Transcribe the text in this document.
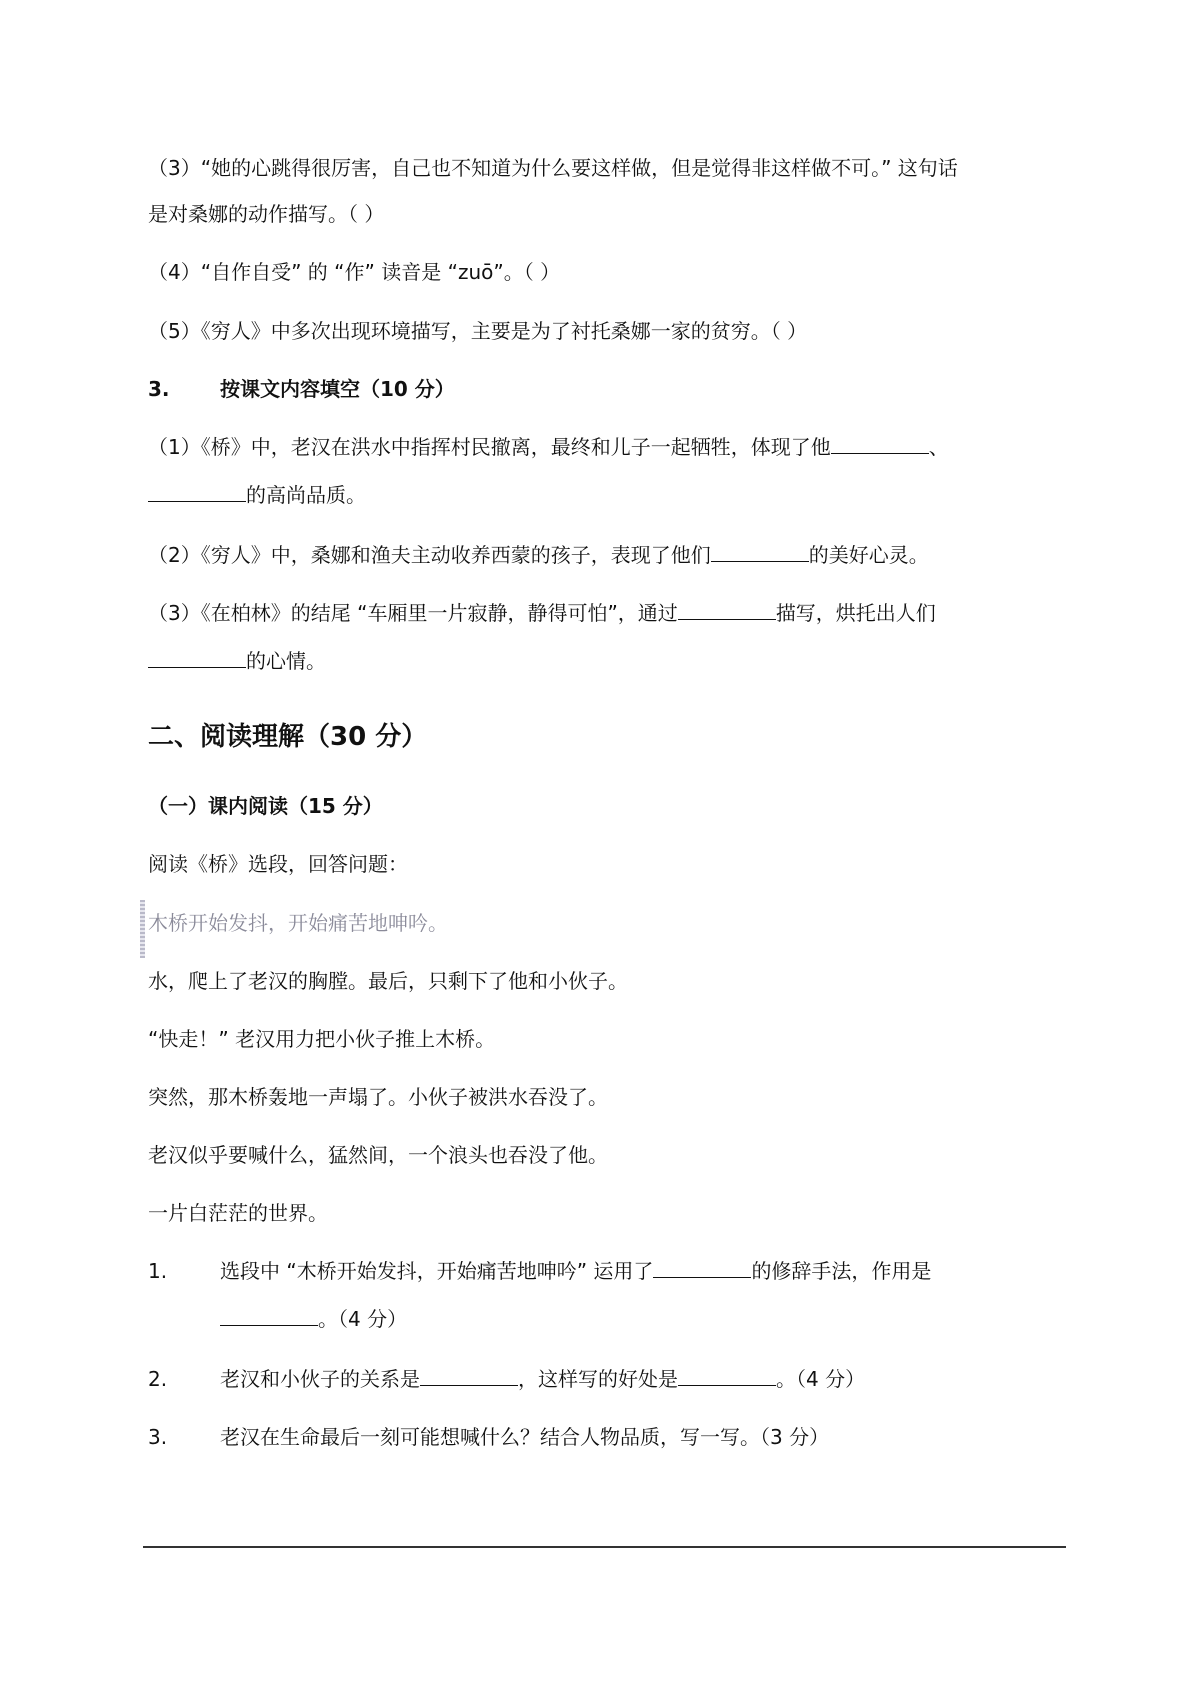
（3）“她的心跳得很厉害，自己也不知道为什么要这样做，但是觉得非这样做不可。” 这句话
是对桑娜的动作描写。（ ）
（4）“自作自受” 的 “作” 读音是 “zuō”。（ ）
（5）《穷人》中多次出现环境描写，主要是为了衬托桑娜一家的贫穷。（ ）
3.	按课文内容填空（10 分）
（1）《桥》中，老汉在洪水中指挥村民撤离，最终和儿子一起牺牲，体现了他	、
的高尚品质。
（2）《穷人》中，桑娜和渔夫主动收养西蒙的孩子，表现了他们	的美好心灵。
（3）《在柏林》的结尾 “车厢里一片寂静，静得可怕”，通过	描写，烘托出人们
的心情。
二、阅读理解（30 分）
（一）课内阅读（15 分）
阅读《桥》选段，回答问题：
木桥开始发抖，开始痛苦地呻吟。
水，爬上了老汉的胸膛。最后，只剩下了他和小伙子。
“快走！” 老汉用力把小伙子推上木桥。
突然，那木桥轰地一声塌了。小伙子被洪水吞没了。
老汉似乎要喊什么，猛然间，一个浪头也吞没了他。
一片白茫茫的世界。
1.	选段中 “木桥开始发抖，开始痛苦地呻吟” 运用了	的修辞手法，作用是
。（4 分）
2.	老汉和小伙子的关系是	，这样写的好处是	。（4 分）
3.	老汉在生命最后一刻可能想喊什么？结合人物品质，写一写。（3 分）
